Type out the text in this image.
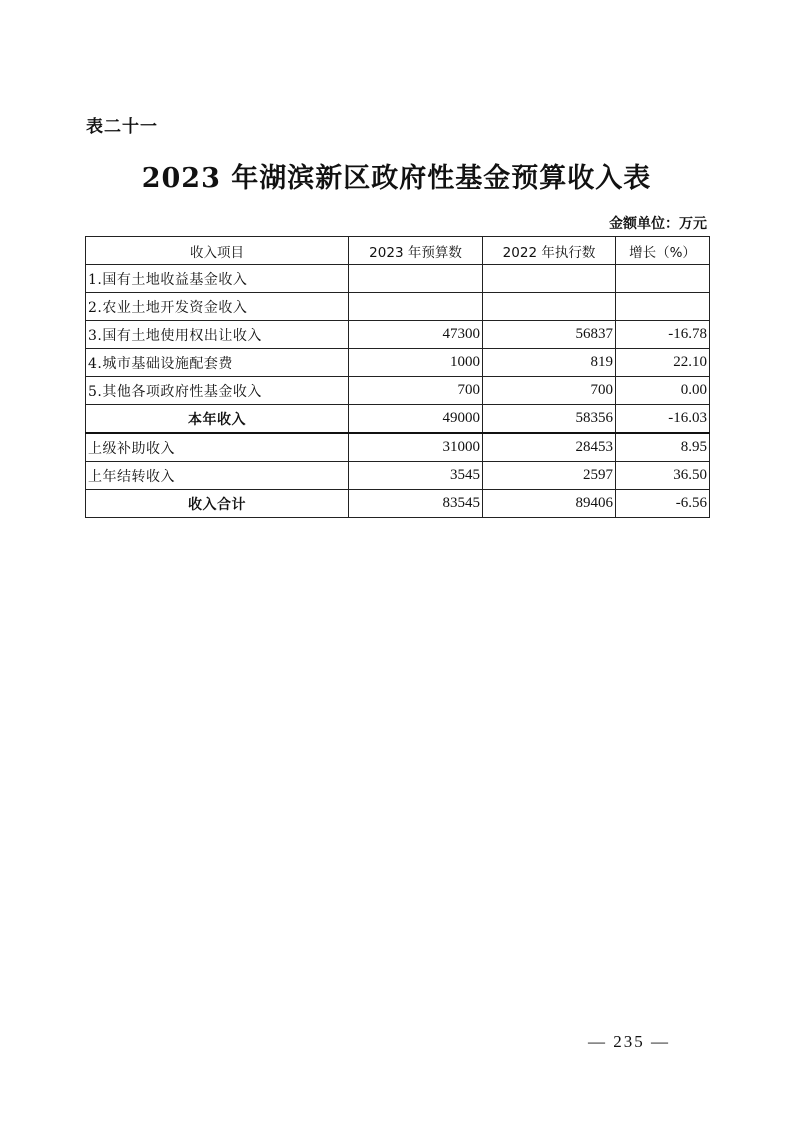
表二十一
2023 年湖滨新区政府性基金预算收入表
金额单位：万元
收入项目	2023 年预算数	2022 年执行数	增长（%）
1.国有土地收益基金收入			
2.农业土地开发资金收入			
3.国有土地使用权出让收入	47300	56837	-16.78
4.城市基础设施配套费	1000	819	22.10
5.其他各项政府性基金收入	700	700	0.00
本年收入	49000	58356	-16.03
上级补助收入	31000	28453	8.95
上年结转收入	3545	2597	36.50
收入合计	83545	89406	-6.56
— 235 —
